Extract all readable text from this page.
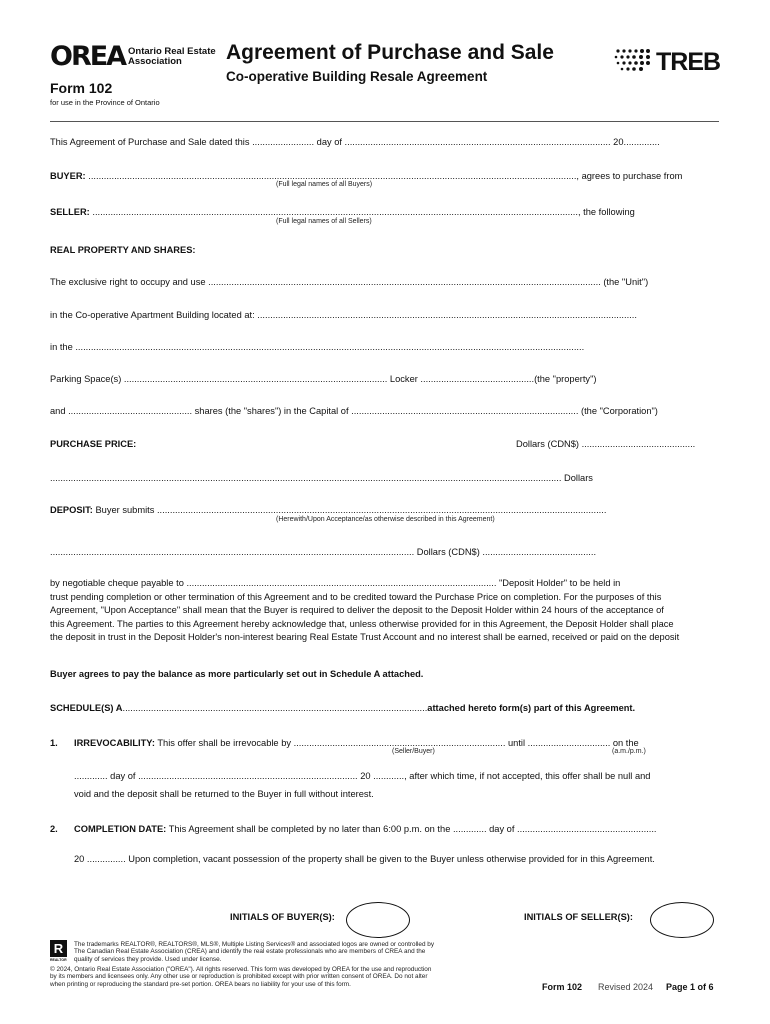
OREA Ontario Real Estate
Association	Agreement of Purchase and Sale
Co-operative Building Resale Agreement
Form 102
for use in the Province of Ontario
TREB
This Agreement of Purchase and Sale dated this ........................ day of ....................................................................................................... 20..............
BUYER: ............................................................................................................................................................................................., agrees to purchase from
(Full legal names of all Buyers)
SELLER: ............................................................................................................................................................................................, the following
(Full legal names of all Sellers)
REAL PROPERTY AND SHARES:
The exclusive right to occupy and use ........................................................................................................................................................ (the "Unit")
in the Co-operative Apartment Building located at: ...................................................................................................................................................
in the .....................................................................................................................................................................................................
Parking Space(s) ...................................................................................................... Locker ............................................(the "property")
and ................................................ shares (the "shares") in the Capital of ........................................................................................ (the "Corporation")
PURCHASE PRICE:	Dollars (CDN$) ............................................
...................................................................................................................................................................................................... Dollars
DEPOSIT: Buyer submits ..............................................................................................................................................................................
(Herewith/Upon Acceptance/as otherwise described in this Agreement)
............................................................................................................................................. Dollars (CDN$) ............................................
by negotiable cheque payable to ........................................................................................................................ "Deposit Holder" to be held in
trust pending completion or other termination of this Agreement and to be credited toward the Purchase Price on completion. For the purposes of this
Agreement, "Upon Acceptance" shall mean that the Buyer is required to deliver the deposit to the Deposit Holder within 24 hours of the acceptance of
this Agreement. The parties to this Agreement hereby acknowledge that, unless otherwise provided for in this Agreement, the Deposit Holder shall place
the deposit in trust in the Deposit Holder's non-interest bearing Real Estate Trust Account and no interest shall be earned, received or paid on the deposit
Buyer agrees to pay the balance as more particularly set out in Schedule A attached.
SCHEDULE(S) A......................................................................................................................attached hereto form(s) part of this Agreement.
1. IRREVOCABILITY: This offer shall be irrevocable by .................................................................................. until ................................ on the
(Seller/Buyer)	(a.m./p.m.)
............. day of ..................................................................................... 20 ............, after which time, if not accepted, this offer shall be null and
void and the deposit shall be returned to the Buyer in full without interest.
2. COMPLETION DATE: This Agreement shall be completed by no later than 6:00 p.m. on the ............. day of ......................................................
20 ............... Upon completion, vacant possession of the property shall be given to the Buyer unless otherwise provided for in this Agreement.
INITIALS OF BUYER(S):	INITIALS OF SELLER(S):
R
REALTOR
The trademarks REALTOR®, REALTORS®, MLS®, Multiple Listing Services® and associated logos are owned or controlled by
The Canadian Real Estate Association (CREA) and identify the real estate professionals who are members of CREA and the
quality of services they provide. Used under license.
© 2024, Ontario Real Estate Association ("OREA"). All rights reserved. This form was developed by OREA for the use and reproduction
by its members and licensees only. Any other use or reproduction is prohibited except with prior written consent of OREA. Do not alter
when printing or reproducing the standard pre-set portion. OREA bears no liability for your use of this form.	Form 102 Revised 2024 Page 1 of 6
